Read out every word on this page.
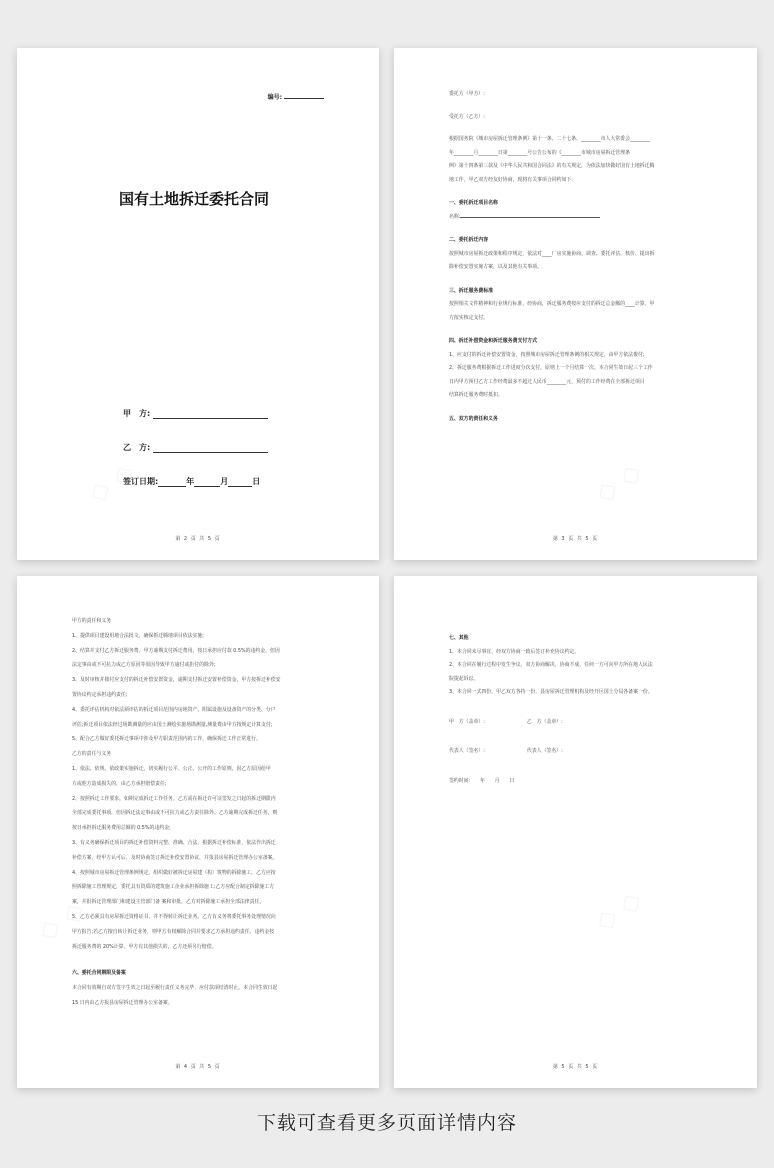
编号:
国有土地拆迁委托合同
甲　方:
乙　方:
签订日期:	年	月	日
第 2 页 共 5 页

委托方（甲方）:

受托方（乙方）:

根据国务院《城市房屋拆迁管理条例》第十一条、二十七条、________市人大常委会________

年________月________日第________号公告公布的《________市城市房屋拆迁管理条

例》第十四条第三款及《中华人民共和国合同法》的有关规定，为依法加快做好国有土地拆迁腾

地工作，甲乙双方经友好协商，现将有关事项合同约如下:

一、委托拆迁项目名称

名称:

二、委托拆迁内容

按照城市房屋拆迁政策和程序规定，依法对____厂房实施协商、调查、委托评估、核价、提出拆

除补偿安置实施方案，以及其他有关事项。

三、拆迁服务费标准

按照相关文件精神和行业规行标准，经协商，拆迁服务费按应支付的拆迁总金额的____计算，甲

方按实核定支付。

四、拆迁补偿资金和拆迁服务费支付方式

1、应支付的拆迁补偿安置资金，按照城市房屋拆迁管理条例的相关规定，由甲方依法拨付;

2、拆迁服务费根据拆迁工作进度分次支付，原则上一个月结算一次。本合同生效日起三个工作

日内甲方预付乙方工作经费最多不超过人民币________元，预付的工作经费在全部拆迁项目

结算拆迁服务费时抵扣。

五、双方的责任和义务

第 3 页 共 5 页

甲方的责任和义务

1、提供项目建设用地合法批文，确保拆迁腾地项目依法实施;

2、结算并支付乙方拆迁服务费。甲方逾期支付拆迁费用，按日承担应付款 0.5%的违约金。但因

法定事由或不可抗力或乙方原因等原因导致甲方逾付或拒付的除外;

3、及时审核并拨付应支付的拆迁补偿安置资金，逾期支付拆迁安置补偿资金，甲方按拆迁补偿安

置协议约定承担违约责任;

4、委托评估机构对依法须评估的拆迁项目范围内房地资产、附属设施及设备资产的分类、分户

评估;拆迁项目依法经过场勘测量的应由国土测绘实施场勘测量,测量费由甲方按规定计算支付;

5、配合乙方做好委托拆迁事项中涉及甲方职责范围内的工作，确保拆迁工作正常进行。

乙方的责任与义务

1、依法、依规、依政策实施拆迁，切实履行公平、公正、公开的工作原则，因乙方原因给甲

方或他方造成损失的，由乙方承担赔偿责任;

2、按照拆迁工作要求，如期完成拆迁工作任务。乙方需在拆迁许可证签发之日起的拆迁期限内

全部完成委托事项，但因拆迁法定事由或不可抗力或乙方责任除外。乙方逾期完成拆迁任务，则

按日承担拆迁服务费用总额的 0.5%的违约金;

3、有义务确保拆迁项目的拆迁补偿资料完整、准确、合法，根据拆迁补偿标准，依法作出拆迁

补偿方案，经甲方认可后，及时协商签订拆迁补偿安置协议，并报县房屋拆迁管理办公室备案。

4、按照城市房屋拆迁管理条例规定，组织做好被拆迁房屋建（构）筑物的拆除施工，乙方应按

照拆除施工管理规定，委托具有资质的建筑施工企业承担拆除施工;乙方应配合制定拆除施工方

案，并报拆迁管理部门和建设主管部门备 案和审批，乙方对拆除施工承担全部法律责任。

5、乙方必须具有房屋拆迁资格证书，并不得转让拆迁业务。乙方有义务将委托事务处理情况向

甲方报告;若乙方擅自转让拆迁业务，则甲方有权解除合同并要求乙方承担违约责任，违约金按

拆迁服务费的 20%计算，甲方有其他损失的，乙方还须另行赔偿。

六、委托合同期限及备案

本合同有效期自双方签字生效之日起至履行责任义务完毕，应付款项结清时止。本合同生效日起

15 日内由乙方报县房屋拆迁管理办公室备案。

第 4 页 共 5 页

七、其他

1、本合同未尽事宜，经双方协商一致后签订补充协议约定。

2、本合同在履行过程中发生争议，双方协商解决，协商不成，任何一方可向甲方所在地人民法

院提起诉讼。

3、本合同一式四份，甲乙双方各持一份，县房屋拆迁管理机构及经开区国土分局各备案一份。

甲　方（盖章）:	乙　方（盖章）:

代表人（签名）:	代表人（签名）:

签约时间:　　年　　月　　日

第 5 页 共 5 页
下载可查看更多页面详情内容
